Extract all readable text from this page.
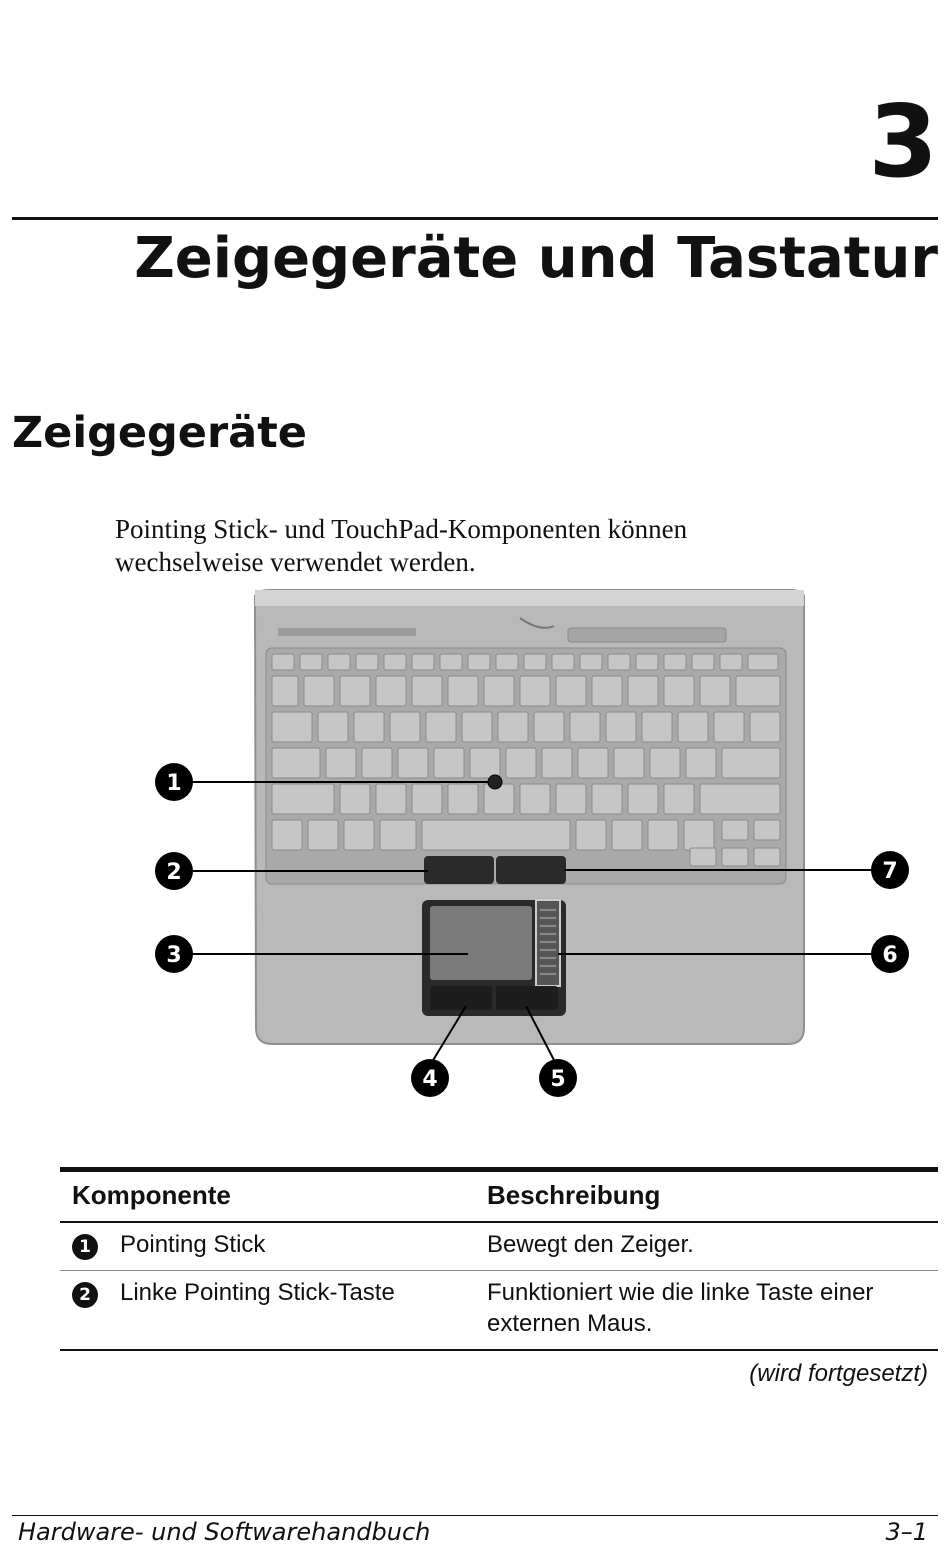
3
Zeigegeräte und Tastatur
Zeigegeräte

Pointing Stick- und TouchPad-Komponenten können wechselweise verwendet werden.

1
2
3
4	5
6
7
Komponente		Beschreibung
1	Pointing Stick	Bewegt den Zeiger.
2	Linke Pointing Stick-Taste	Funktioniert wie die linke Taste einer externen Maus.
(wird fortgesetzt)
Hardware- und Softwarehandbuch	3–1
